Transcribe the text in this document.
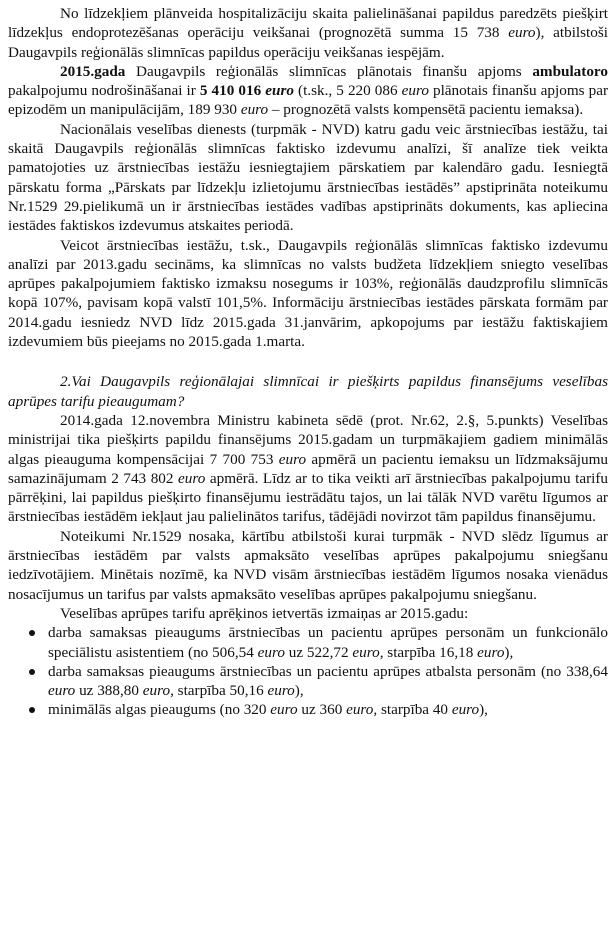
No līdzekļiem plānveida hospitalizāciju skaita palielināšanai papildus paredzēts piešķirt līdzekļus endoprotezēšanas operāciju veikšanai (prognozētā summa 15 738 euro), atbilstoši Daugavpils reģionālās slimnīcas papildus operāciju veikšanas iespējām.

2015.gada Daugavpils reģionālās slimnīcas plānotais finanšu apjoms ambulatoro pakalpojumu nodrošināšanai ir 5 410 016 euro (t.sk., 5 220 086 euro plānotais finanšu apjoms par epizodēm un manipulācijām, 189 930 euro – prognozētā valsts kompensētā pacientu iemaksa).

Nacionālais veselības dienests (turpmāk - NVD) katru gadu veic ārstniecības iestāžu, tai skaitā Daugavpils reģionālās slimnīcas faktisko izdevumu analīzi, šī analīze tiek veikta pamatojoties uz ārstniecības iestāžu iesniegtajiem pārskatiem par kalendāro gadu. Iesniegtā pārskatu forma „Pārskats par līdzekļu izlietojumu ārstniecības iestādēs” apstiprināta noteikumu Nr.1529 29.pielikumā un ir ārstniecības iestādes vadības apstiprināts dokuments, kas apliecina iestādes faktiskos izdevumus atskaites periodā.

Veicot ārstniecības iestāžu, t.sk., Daugavpils reģionālās slimnīcas faktisko izdevumu analīzi par 2013.gadu secināms, ka slimnīcas no valsts budžeta līdzekļiem sniegto veselības aprūpes pakalpojumiem faktisko izmaksu nosegums ir 103%, reģionālās daudzprofilu slimnīcās kopā 107%, pavisam kopā valstī 101,5%. Informāciju ārstniecības iestādes pārskata formām par 2014.gadu iesniedz NVD līdz 2015.gada 31.janvārim, apkopojums par iestāžu faktiskajiem izdevumiem būs pieejams no 2015.gada 1.marta.

2.Vai Daugavpils reģionālajai slimnīcai ir piešķirts papildus finansējums veselības aprūpes tarifu pieaugumam?

2014.gada 12.novembra Ministru kabineta sēdē (prot. Nr.62, 2.§, 5.punkts) Veselības ministrijai tika piešķirts papildu finansējums 2015.gadam un turpmākajiem gadiem minimālās algas pieauguma kompensācijai 7 700 753 euro apmērā un pacientu iemaksu un līdzmaksājumu samazinājumam 2 743 802 euro apmērā. Līdz ar to tika veikti arī ārstniecības pakalpojumu tarifu pārrēķini, lai papildus piešķirto finansējumu iestrādātu tajos, un lai tālāk NVD varētu līgumos ar ārstniecības iestādēm iekļaut jau palielinātos tarifus, tādējādi novirzot tām papildus finansējumu.

Noteikumi Nr.1529 nosaka, kārtību atbilstoši kurai turpmāk - NVD slēdz līgumus ar ārstniecības iestādēm par valsts apmaksāto veselības aprūpes pakalpojumu sniegšanu iedzīvotājiem. Minētais nozīmē, ka NVD visām ārstniecības iestādēm līgumos nosaka vienādus nosacījumus un tarifus par valsts apmaksāto veselības aprūpes pakalpojumu sniegšanu.

Veselības aprūpes tarifu aprēķinos ietvertās izmaiņas ar 2015.gadu:

darba samaksas pieaugums ārstniecības un pacientu aprūpes personām un funkcionālo speciālistu asistentiem (no 506,54 euro uz 522,72 euro, starpība 16,18 euro),
darba samaksas pieaugums ārstniecības un pacientu aprūpes atbalsta personām (no 338,64 euro uz 388,80 euro, starpība 50,16 euro),
minimālās algas pieaugums (no 320 euro uz 360 euro, starpība 40 euro),
